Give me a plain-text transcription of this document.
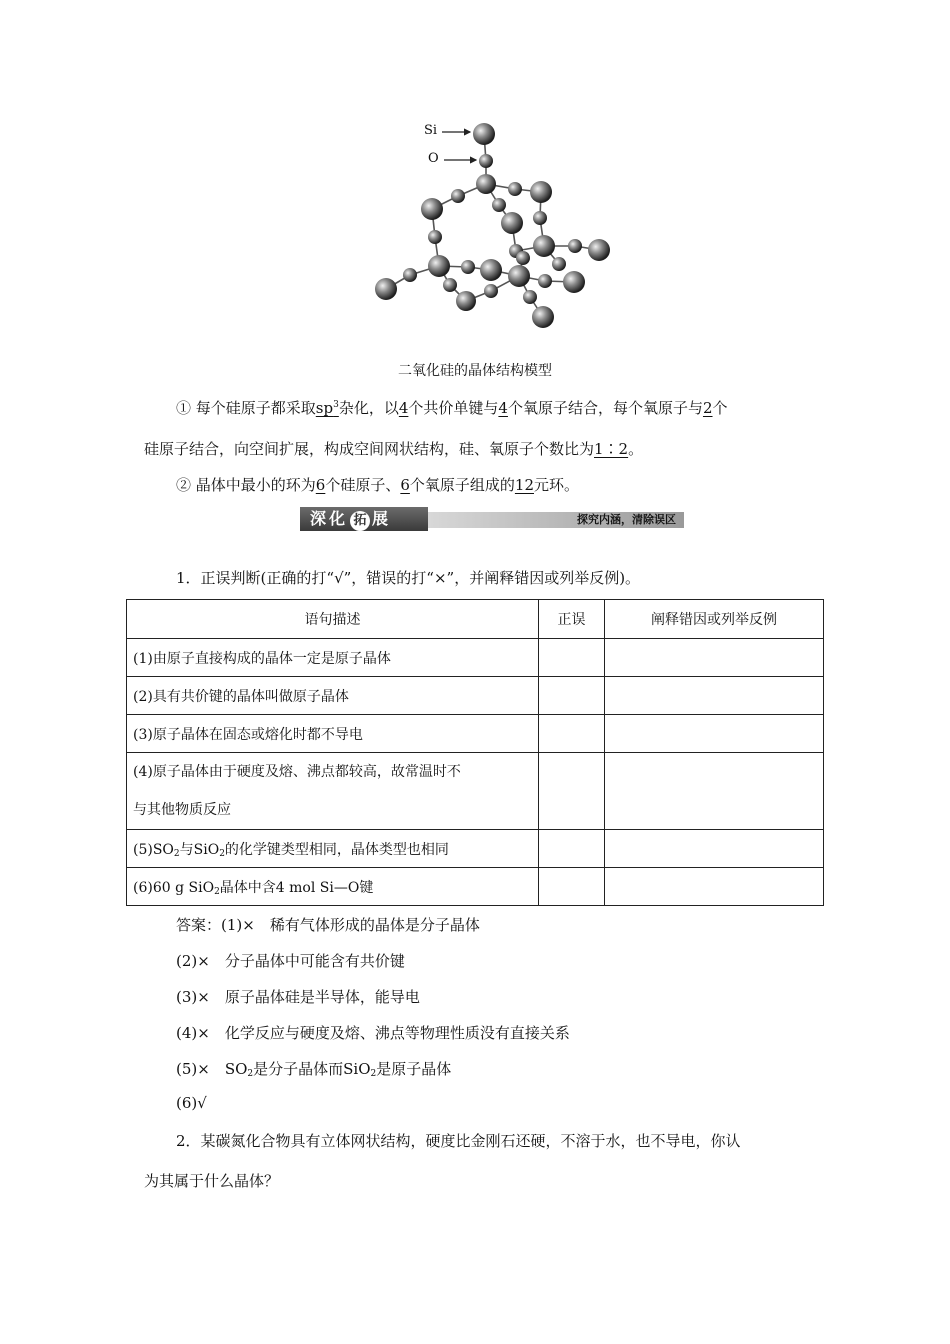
Si
O
二氧化硅的晶体结构模型
① 每个硅原子都采取$sp^3$杂化，以4个共价单键与4个氧原子结合，每个氧原子与2个
硅原子结合，向空间扩展，构成空间网状结构，硅、氧原子个数比为1∶2。
② 晶体中最小的环为6个硅原子、6个氧原子组成的12元环。
深化 拓 展	探究内涵，清除误区
1．正误判断(正确的打“√”，错误的打“×”，并阐释错因或列举反例)。
语句描述	正误	阐释错因或列举反例
(1)由原子直接构成的晶体一定是原子晶体		
(2)具有共价键的晶体叫做原子晶体		
(3)原子晶体在固态或熔化时都不导电		
(4)原子晶体由于硬度及熔、沸点都较高，故常温时不
与其他物质反应		
$(5)SO_2$与SiO$_2$的化学键类型相同，晶体类型也相同		
(6)60 g SiO$_2$晶体中含4 mol Si—O键		
答案：(1)×　稀有气体形成的晶体是分子晶体
(2)×　分子晶体中可能含有共价键
(3)×　原子晶体硅是半导体，能导电
(4)×　化学反应与硬度及熔、沸点等物理性质没有直接关系
(5)×　$SO_2$是分子晶体而SiO$_2$是原子晶体
(6)√
2．某碳氮化合物具有立体网状结构，硬度比金刚石还硬，不溶于水，也不导电，你认
为其属于什么晶体？
